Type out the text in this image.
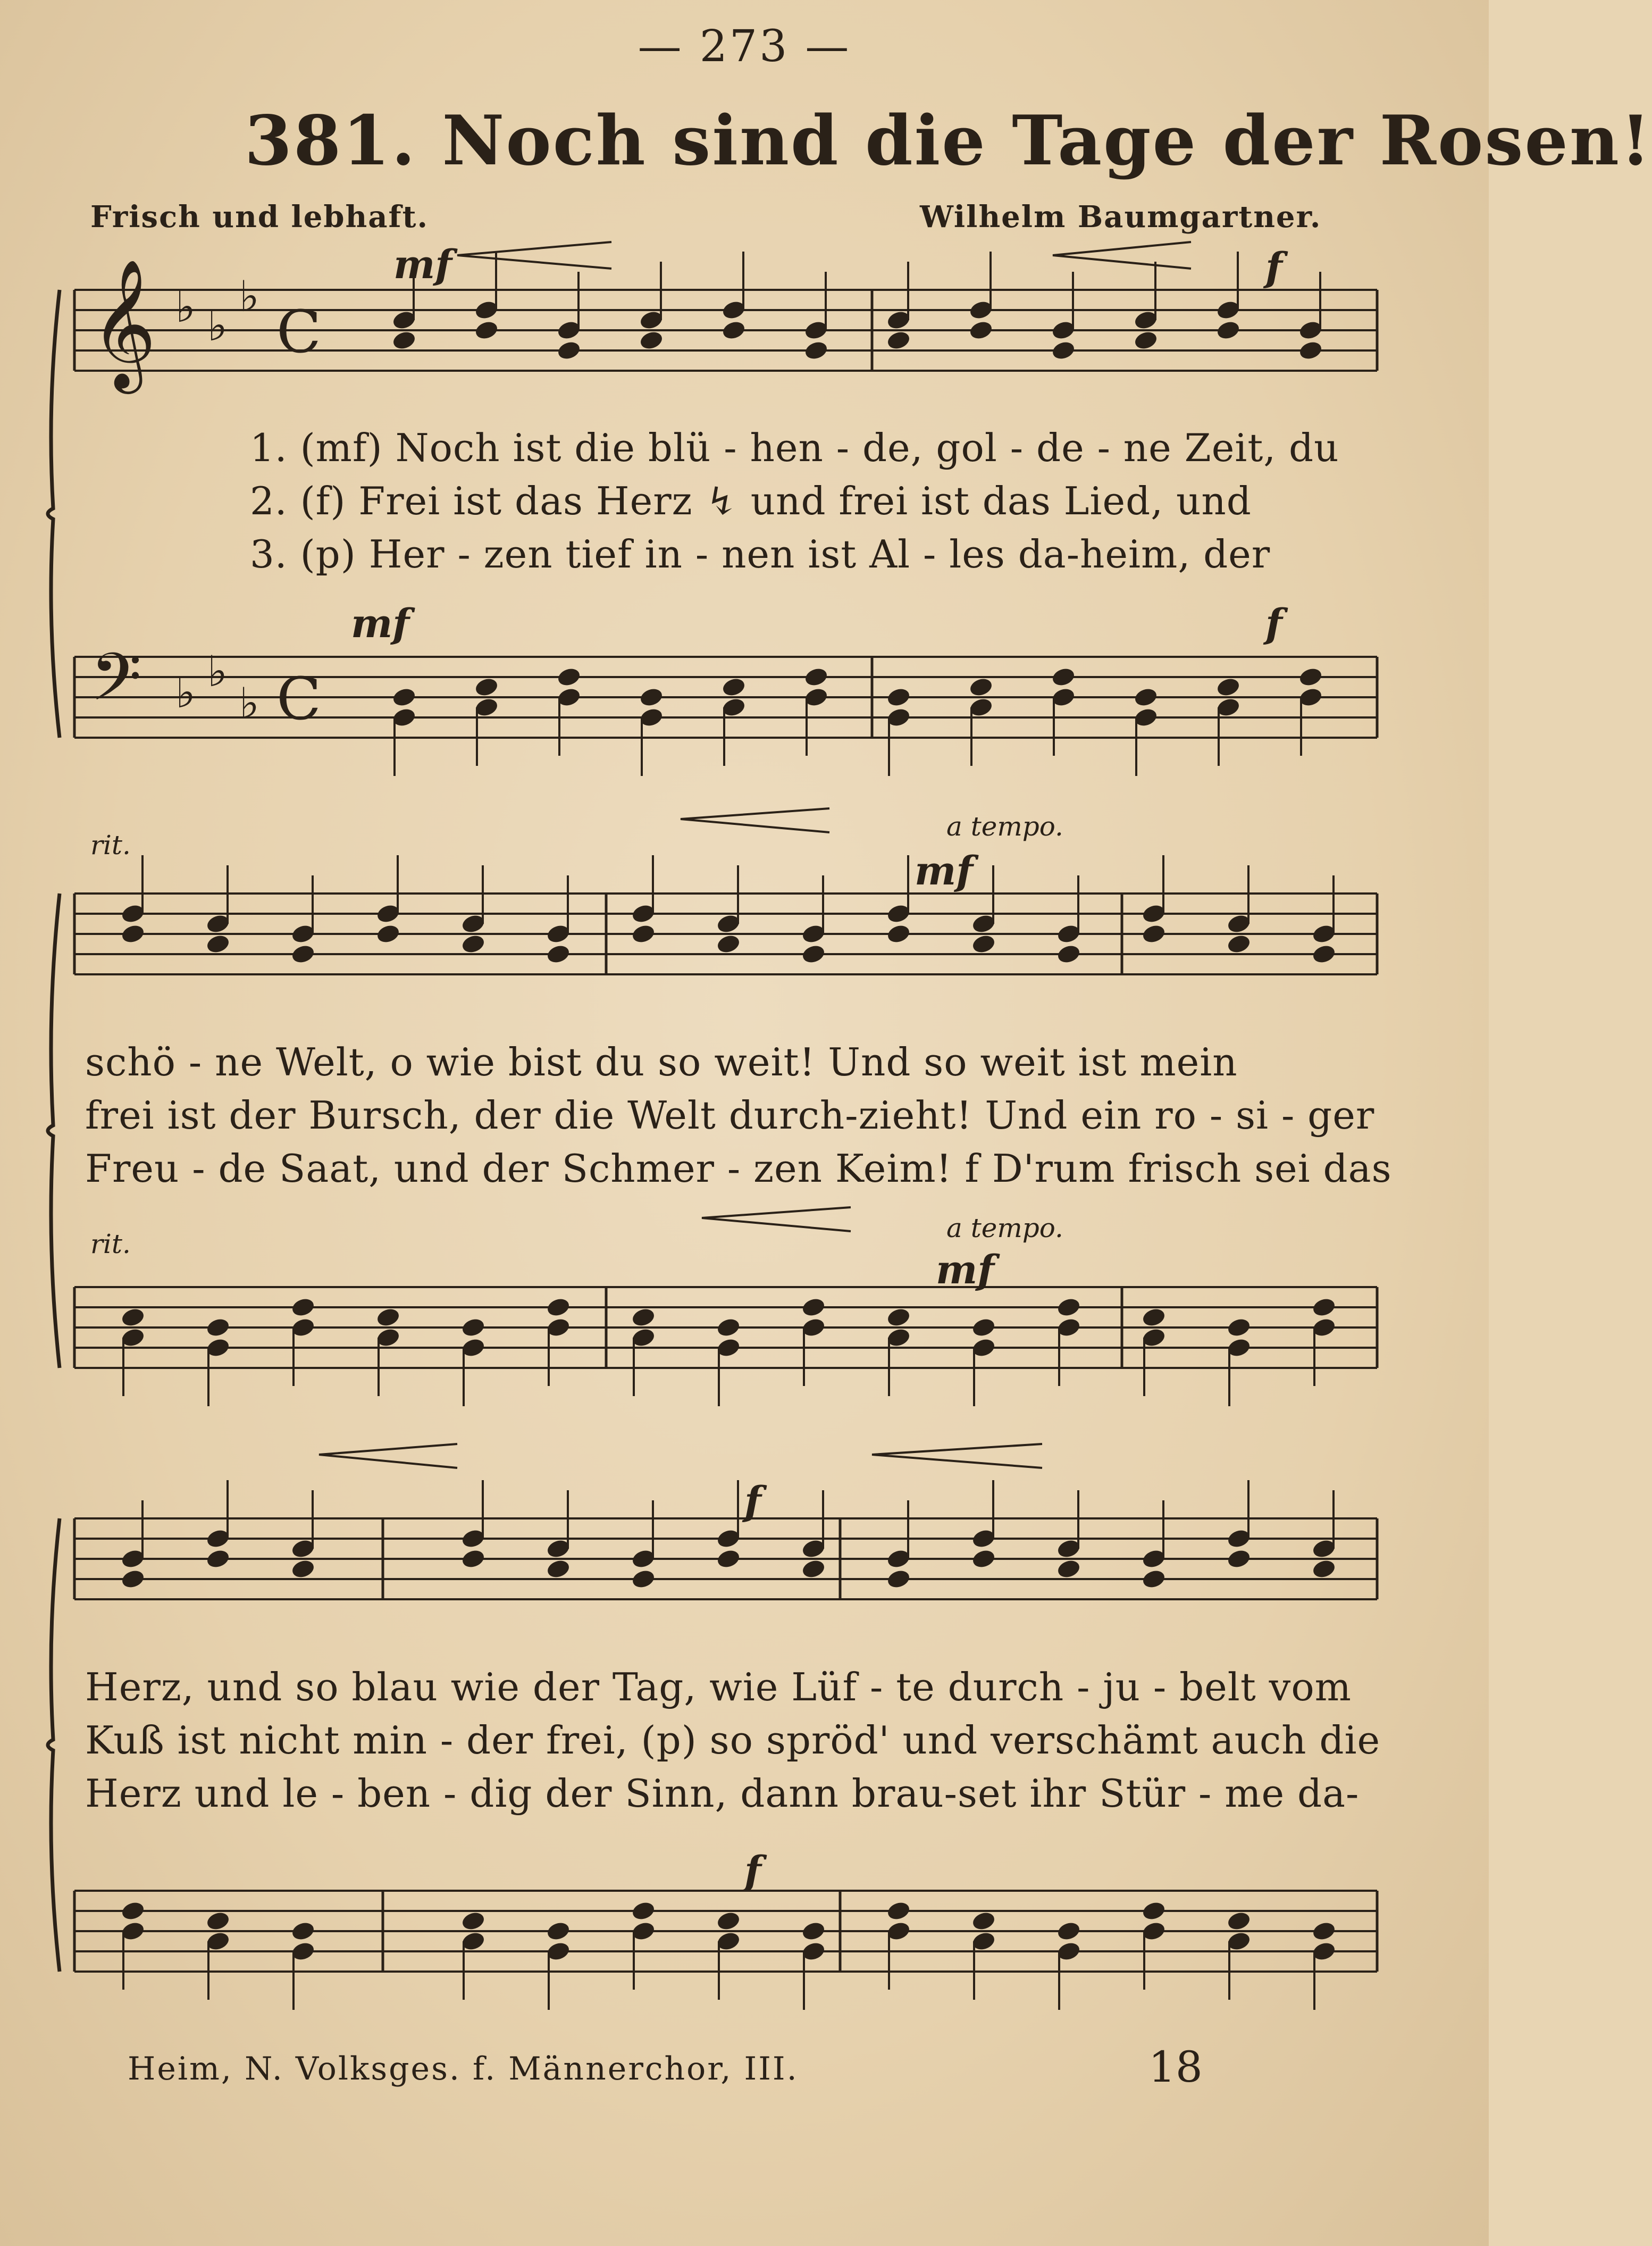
— 273 —
381. Noch sind die Tage der Rosen!
Frisch und lebhaft.	Wilhelm Baumgartner.
𝄞
𝄢
C
C
♭ ♭
♭
♭ ♭
♭
mf	f
mf	f
rit.
a tempo.
mf
rit.
a tempo.
mf
f
f
1. (mf) Noch ist die blü - hen - de, gol - de - ne Zeit, du
2. (f) Frei ist das Herz ↯ und frei ist das Lied, und
3. (p) Her - zen tief in - nen ist Al - les da-heim, der
schö - ne Welt, o wie bist du so weit! Und so weit ist mein
frei ist der Bursch, der die Welt durch-zieht! Und ein ro - si - ger
Freu - de Saat, und der Schmer - zen Keim! f D'rum frisch sei das
Herz, und so blau wie der Tag, wie Lüf - te durch - ju - belt vom
Kuß ist nicht min - der frei, (p) so spröd' und verschämt auch die
Herz und le - ben - dig der Sinn, dann brau-set ihr Stür - me da-
Heim, N. Volksges. f. Männerchor, III.	18
